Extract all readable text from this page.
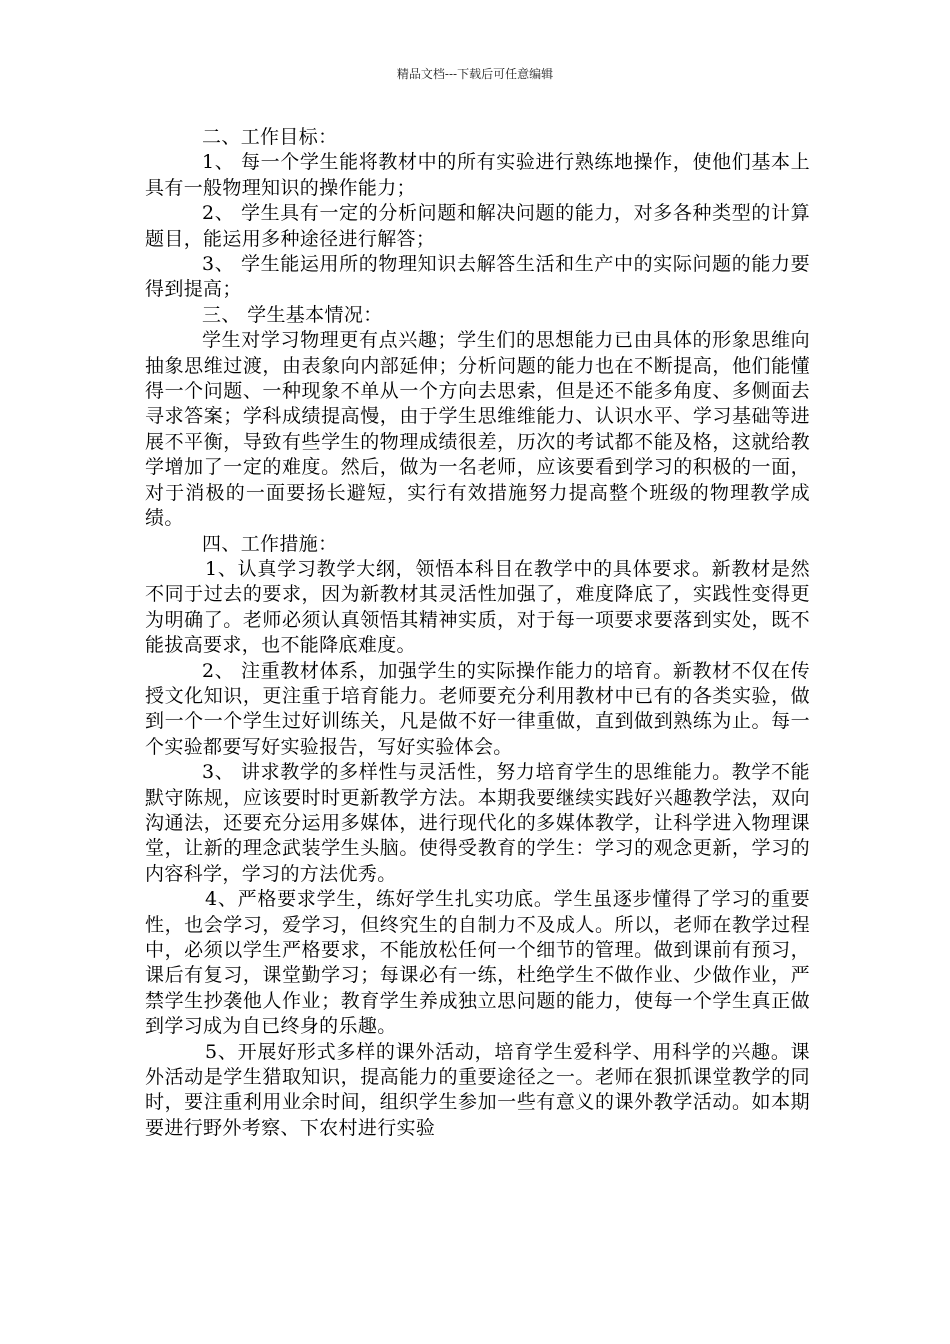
精品文档---下载后可任意编辑

二、工作目标：

1、 每一个学生能将教材中的所有实验进行熟练地操作，使他们基本上具有一般物理知识的操作能力；

2、 学生具有一定的分析问题和解决问题的能力，对多各种类型的计算题目，能运用多种途径进行解答；

3、 学生能运用所的物理知识去解答生活和生产中的实际问题的能力要得到提高；

三、 学生基本情况：

学生对学习物理更有点兴趣；学生们的思想能力已由具体的形象思维向抽象思维过渡，由表象向内部延伸；分析问题的能力也在不断提高，他们能懂得一个问题、一种现象不单从一个方向去思索，但是还不能多角度、多侧面去寻求答案；学科成绩提高慢，由于学生思维维能力、认识水平、学习基础等进展不平衡，导致有些学生的物理成绩很差，历次的考试都不能及格，这就给教学增加了一定的难度。然后，做为一名老师，应该要看到学习的积极的一面，对于消极的一面要扬长避短，实行有效措施努力提高整个班级的物理教学成绩。

四、工作措施：

1、认真学习教学大纲，领悟本科目在教学中的具体要求。新教材是然不同于过去的要求，因为新教材其灵活性加强了，难度降底了，实践性变得更为明确了。老师必须认真领悟其精神实质，对于每一项要求要落到实处，既不能拔高要求，也不能降底难度。

2、 注重教材体系，加强学生的实际操作能力的培育。新教材不仅在传授文化知识，更注重于培育能力。老师要充分利用教材中已有的各类实验，做到一个一个学生过好训练关，凡是做不好一律重做，直到做到熟练为止。每一个实验都要写好实验报告，写好实验体会。

3、 讲求教学的多样性与灵活性，努力培育学生的思维能力。教学不能默守陈规，应该要时时更新教学方法。本期我要继续实践好兴趣教学法，双向沟通法，还要充分运用多媒体，进行现代化的多媒体教学，让科学进入物理课堂，让新的理念武装学生头脑。使得受教育的学生：学习的观念更新，学习的内容科学，学习的方法优秀。

4、严格要求学生，练好学生扎实功底。学生虽逐步懂得了学习的重要性，也会学习，爱学习，但终究生的自制力不及成人。所以，老师在教学过程中，必须以学生严格要求，不能放松任何一个细节的管理。做到课前有预习，课后有复习，课堂勤学习；每课必有一练，杜绝学生不做作业、少做作业，严禁学生抄袭他人作业；教育学生养成独立思问题的能力，使每一个学生真正做到学习成为自已终身的乐趣。

5、开展好形式多样的课外活动，培育学生爱科学、用科学的兴趣。课外活动是学生猎取知识，提高能力的重要途径之一。老师在狠抓课堂教学的同时，要注重利用业余时间，组织学生参加一些有意义的课外教学活动。如本期要进行野外考察、下农村进行实验
